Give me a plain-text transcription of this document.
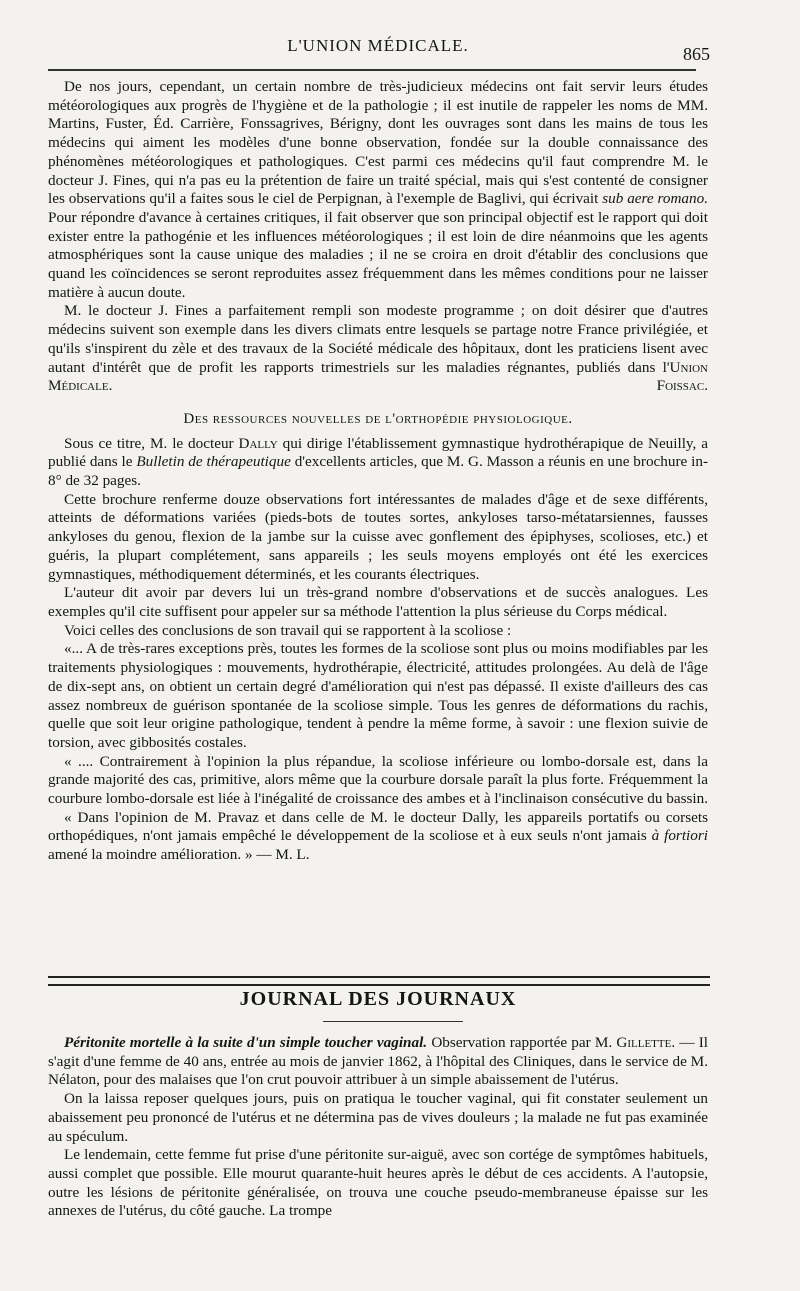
L'UNION MÉDICALE.	865

De nos jours, cependant, un certain nombre de très-judicieux médecins ont fait servir leurs études météorologiques aux progrès de l'hygiène et de la pathologie ; il est inutile de rappeler les noms de MM. Martins, Fuster, Éd. Carrière, Fonssagrives, Bérigny, dont les ouvrages sont dans les mains de tous les médecins qui aiment les modèles d'une bonne observation, fondée sur la double connaissance des phénomènes météorologiques et pathologiques. C'est parmi ces médecins qu'il faut comprendre M. le docteur J. Fines, qui n'a pas eu la prétention de faire un traité spécial, mais qui s'est contenté de consigner les observations qu'il a faites sous le ciel de Perpignan, à l'exemple de Baglivi, qui écrivait sub aere romano. Pour répondre d'avance à certaines critiques, il fait observer que son principal objectif est le rapport qui doit exister entre la pathogénie et les influences météorologiques ; il est loin de dire néanmoins que les agents atmosphériques sont la cause unique des maladies ; il ne se croira en droit d'établir des conclusions que quand les coïncidences se seront reproduites assez fréquemment dans les mêmes conditions pour ne laisser matière à aucun doute.

M. le docteur J. Fines a parfaitement rempli son modeste programme ; on doit désirer que d'autres médecins suivent son exemple dans les divers climats entre lesquels se partage notre France privilégiée, et qu'ils s'inspirent du zèle et des travaux de la Société médicale des hôpitaux, dont les praticiens lisent avec autant d'intérêt que de profit les rapports trimestriels sur les maladies régnantes, publiés dans l'Union Médicale.	Foissac.

Des ressources nouvelles de l'orthopédie physiologique.

Sous ce titre, M. le docteur Dally qui dirige l'établissement gymnastique hydrothérapique de Neuilly, a publié dans le Bulletin de thérapeutique d'excellents articles, que M. G. Masson a réunis en une brochure in-8° de 32 pages.

Cette brochure renferme douze observations fort intéressantes de malades d'âge et de sexe différents, atteints de déformations variées (pieds-bots de toutes sortes, ankyloses tarso-métatarsiennes, fausses ankyloses du genou, flexion de la jambe sur la cuisse avec gonflement des épiphyses, scolioses, etc.) et guéris, la plupart complétement, sans appareils ; les seuls moyens employés ont été les exercices gymnastiques, méthodiquement déterminés, et les courants électriques.

L'auteur dit avoir par devers lui un très-grand nombre d'observations et de succès analogues. Les exemples qu'il cite suffisent pour appeler sur sa méthode l'attention la plus sérieuse du Corps médical.

Voici celles des conclusions de son travail qui se rapportent à la scoliose :

«... A de très-rares exceptions près, toutes les formes de la scoliose sont plus ou moins modifiables par les traitements physiologiques : mouvements, hydrothérapie, électricité, attitudes prolongées. Au delà de l'âge de dix-sept ans, on obtient un certain degré d'amélioration qui n'est pas dépassé. Il existe d'ailleurs des cas assez nombreux de guérison spontanée de la scoliose simple. Tous les genres de déformations du rachis, quelle que soit leur origine pathologique, tendent à pendre la même forme, à savoir : une flexion suivie de torsion, avec gibbosités costales.

« .... Contrairement à l'opinion la plus répandue, la scoliose inférieure ou lombo-dorsale est, dans la grande majorité des cas, primitive, alors même que la courbure dorsale paraît la plus forte. Fréquemment la courbure lombo-dorsale est liée à l'inégalité de croissance des ambes et à l'inclinaison consécutive du bassin.

« Dans l'opinion de M. Pravaz et dans celle de M. le docteur Dally, les appareils portatifs ou corsets orthopédiques, n'ont jamais empêché le développement de la scoliose et à eux seuls n'ont jamais à fortiori amené la moindre amélioration. » — M. L.

JOURNAL DES JOURNAUX

Péritonite mortelle à la suite d'un simple toucher vaginal. Observation rapportée par M. Gillette. — Il s'agit d'une femme de 40 ans, entrée au mois de janvier 1862, à l'hôpital des Cliniques, dans le service de M. Nélaton, pour des malaises que l'on crut pouvoir attribuer à un simple abaissement de l'utérus.

On la laissa reposer quelques jours, puis on pratiqua le toucher vaginal, qui fit constater seulement un abaissement peu prononcé de l'utérus et ne détermina pas de vives douleurs ; la malade ne fut pas examinée au spéculum.

Le lendemain, cette femme fut prise d'une péritonite sur-aiguë, avec son cortége de symptômes habituels, aussi complet que possible. Elle mourut quarante-huit heures après le début de ces accidents. A l'autopsie, outre les lésions de péritonite généralisée, on trouva une couche pseudo-membraneuse épaisse sur les annexes de l'utérus, du côté gauche. La trompe
